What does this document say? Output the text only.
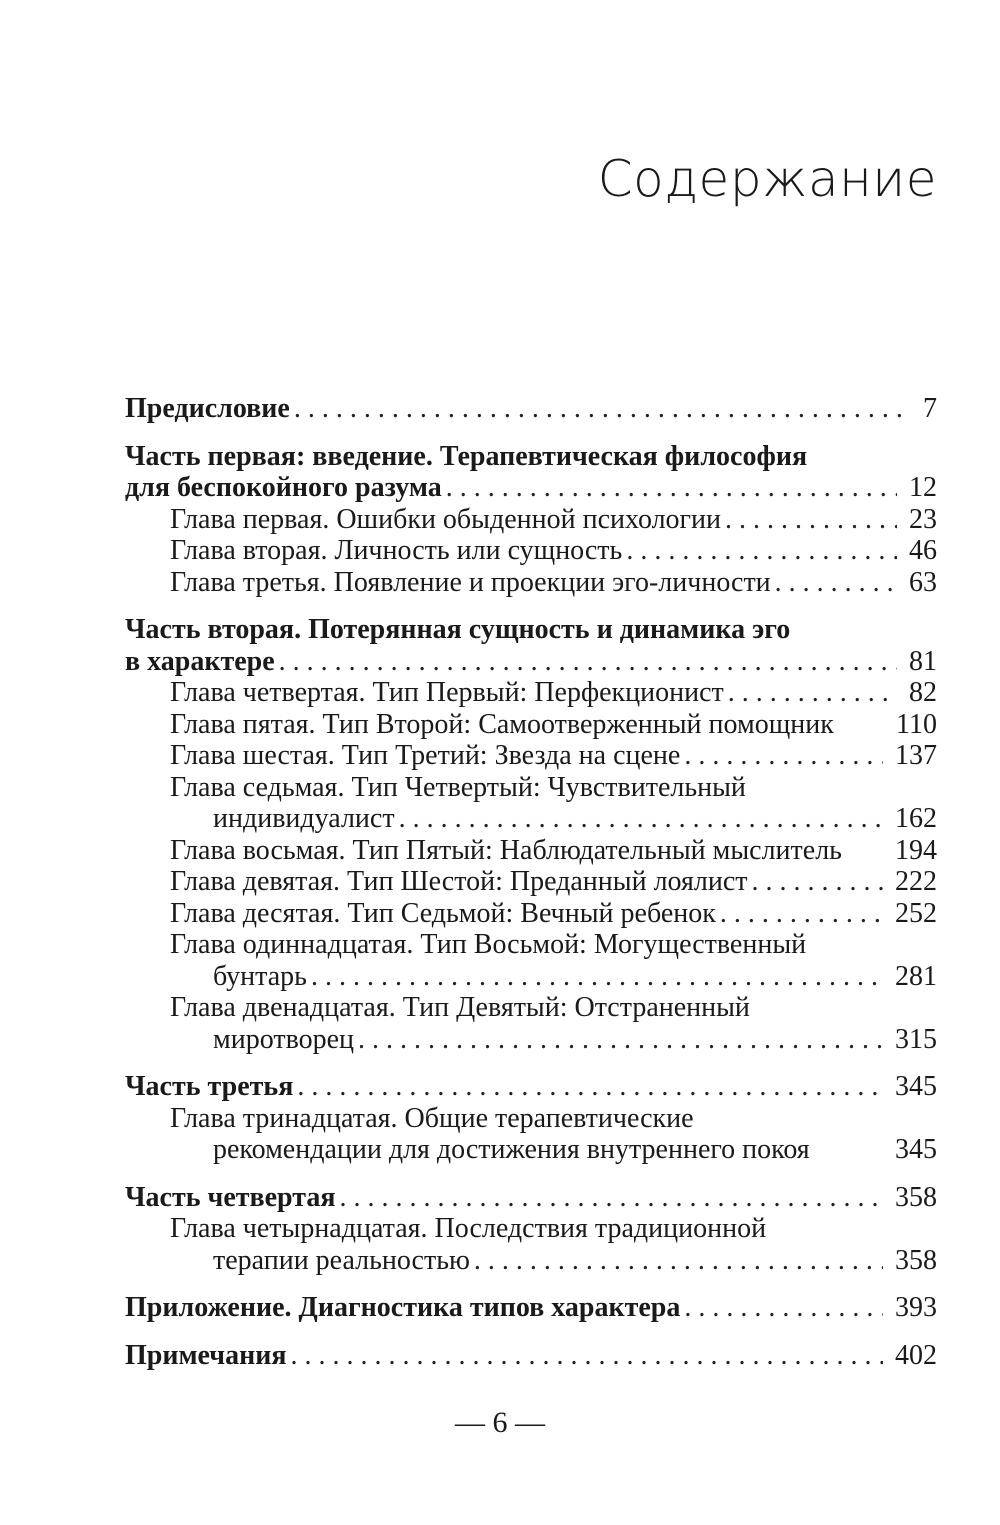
Содержание
Предисловие . . .	7
Часть первая: введение. Терапевтическая философия
для беспокойного разума . . .	12
Глава первая. Ошибки обыденной психологии . . .	23
Глава вторая. Личность или сущность . . .	46
Глава третья. Появление и проекции эго-личности . . .	63
Часть вторая. Потерянная сущность и динамика эго
в характере . . .	81
Глава четвертая. Тип Первый: Перфекционист . . .	82
Глава пятая. Тип Второй: Самоотверженный помощник 110
Глава шестая. Тип Третий: Звезда на сцене . . .	137
Глава седьмая. Тип Четвертый: Чувствительный
индивидуалист . . .	162
Глава восьмая. Тип Пятый: Наблюдательный мыслитель 194
Глава девятая. Тип Шестой: Преданный лоялист . . .	222
Глава десятая. Тип Седьмой: Вечный ребенок . . .	252
Глава одиннадцатая. Тип Восьмой: Могущественный
бунтарь . . .	281
Глава двенадцатая. Тип Девятый: Отстраненный
миротворец . . .	315
Часть третья . . .	345
Глава тринадцатая. Общие терапевтические
рекомендации для достижения внутреннего покоя	345
Часть четвертая . . .	358
Глава четырнадцатая. Последствия традиционной
терапии реальностью . . .	358
Приложение. Диагностика типов характера . . .	393
Примечания . . .	402
— 6 —
